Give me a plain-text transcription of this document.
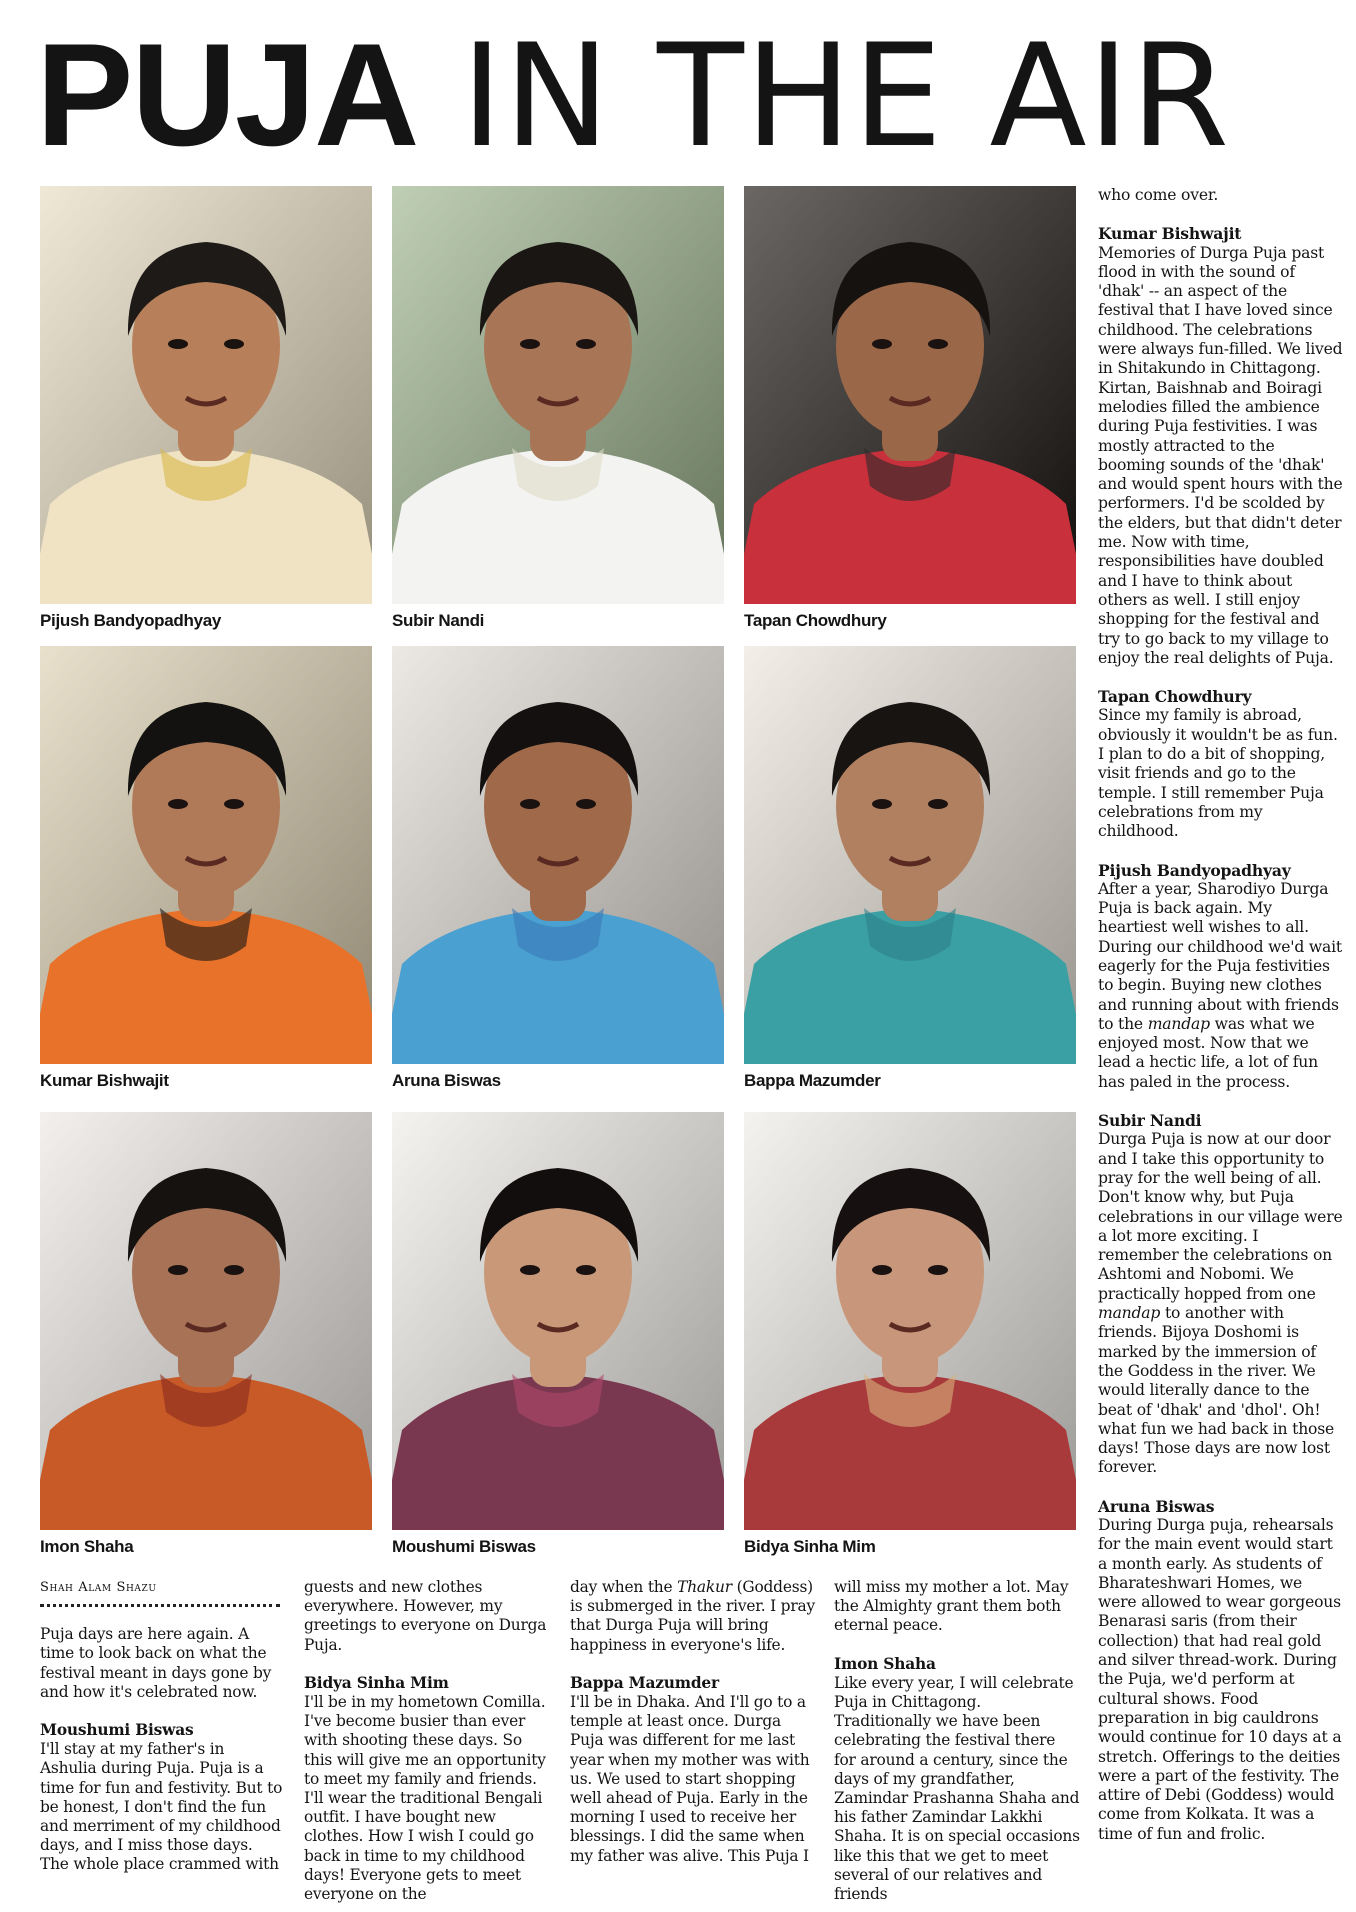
PUJA IN THE AIR
Pijush Bandyopadhyay	Subir Nandi	Tapan Chowdhury
Kumar Bishwajit	Aruna Biswas	Bappa Mazumder
Imon Shaha	Moushumi Biswas	Bidya Sinha Mim

Shah Alam Shazu

Puja days are here again. A time to look back on what the festival meant in days gone by and how it's celebrated now.

Moushumi Biswas

I'll stay at my father's in Ashulia during Puja. Puja is a time for fun and festivity. But to be honest, I don't find the fun and merriment of my childhood days, and I miss those days. The whole place crammed with

guests and new clothes everywhere. However, my greetings to everyone on Durga Puja.

Bidya Sinha Mim

I'll be in my hometown Comilla. I've become busier than ever with shooting these days. So this will give me an opportunity to meet my family and friends. I'll wear the traditional Bengali outfit. I have bought new clothes. How I wish I could go back in time to my childhood days! Everyone gets to meet everyone on the

day when the Thakur (Goddess) is submerged in the river. I pray that Durga Puja will bring happiness in everyone's life.

Bappa Mazumder

I'll be in Dhaka. And I'll go to a temple at least once. Durga Puja was different for me last year when my mother was with us. We used to start shopping well ahead of Puja. Early in the morning I used to receive her blessings. I did the same when my father was alive. This Puja I

will miss my mother a lot. May the Almighty grant them both eternal peace.

Imon Shaha

Like every year, I will celebrate Puja in Chittagong. Traditionally we have been celebrating the festival there for around a century, since the days of my grandfather, Zamindar Prashanna Shaha and his father Zamindar Lakkhi Shaha. It is on special occasions like this that we get to meet several of our relatives and friends

who come over.

Kumar Bishwajit

Memories of Durga Puja past flood in with the sound of 'dhak' -- an aspect of the festival that I have loved since childhood. The celebrations were always fun-filled. We lived in Shitakundo in Chittagong. Kirtan, Baishnab and Boiragi melodies filled the ambience during Puja festivities. I was mostly attracted to the booming sounds of the 'dhak' and would spent hours with the performers. I'd be scolded by the elders, but that didn't deter me. Now with time, responsibilities have doubled and I have to think about others as well. I still enjoy shopping for the festival and try to go back to my village to enjoy the real delights of Puja.

Tapan Chowdhury

Since my family is abroad, obviously it wouldn't be as fun. I plan to do a bit of shopping, visit friends and go to the temple. I still remember Puja celebrations from my childhood.

Pijush Bandyopadhyay

After a year, Sharodiyo Durga Puja is back again. My heartiest well wishes to all. During our childhood we'd wait eagerly for the Puja festivities to begin. Buying new clothes and running about with friends to the mandap was what we enjoyed most. Now that we lead a hectic life, a lot of fun has paled in the process.

Subir Nandi

Durga Puja is now at our door and I take this opportunity to pray for the well being of all. Don't know why, but Puja celebrations in our village were a lot more exciting. I remember the celebrations on Ashtomi and Nobomi. We practically hopped from one mandap to another with friends. Bijoya Doshomi is marked by the immersion of the Goddess in the river. We would literally dance to the beat of 'dhak' and 'dhol'. Oh! what fun we had back in those days! Those days are now lost forever.

Aruna Biswas

During Durga puja, rehearsals for the main event would start a month early. As students of Bharateshwari Homes, we were allowed to wear gorgeous Benarasi saris (from their collection) that had real gold and silver thread-work. During the Puja, we'd perform at cultural shows. Food preparation in big cauldrons would continue for 10 days at a stretch. Offerings to the deities were a part of the festivity. The attire of Debi (Goddess) would come from Kolkata. It was a time of fun and frolic.
